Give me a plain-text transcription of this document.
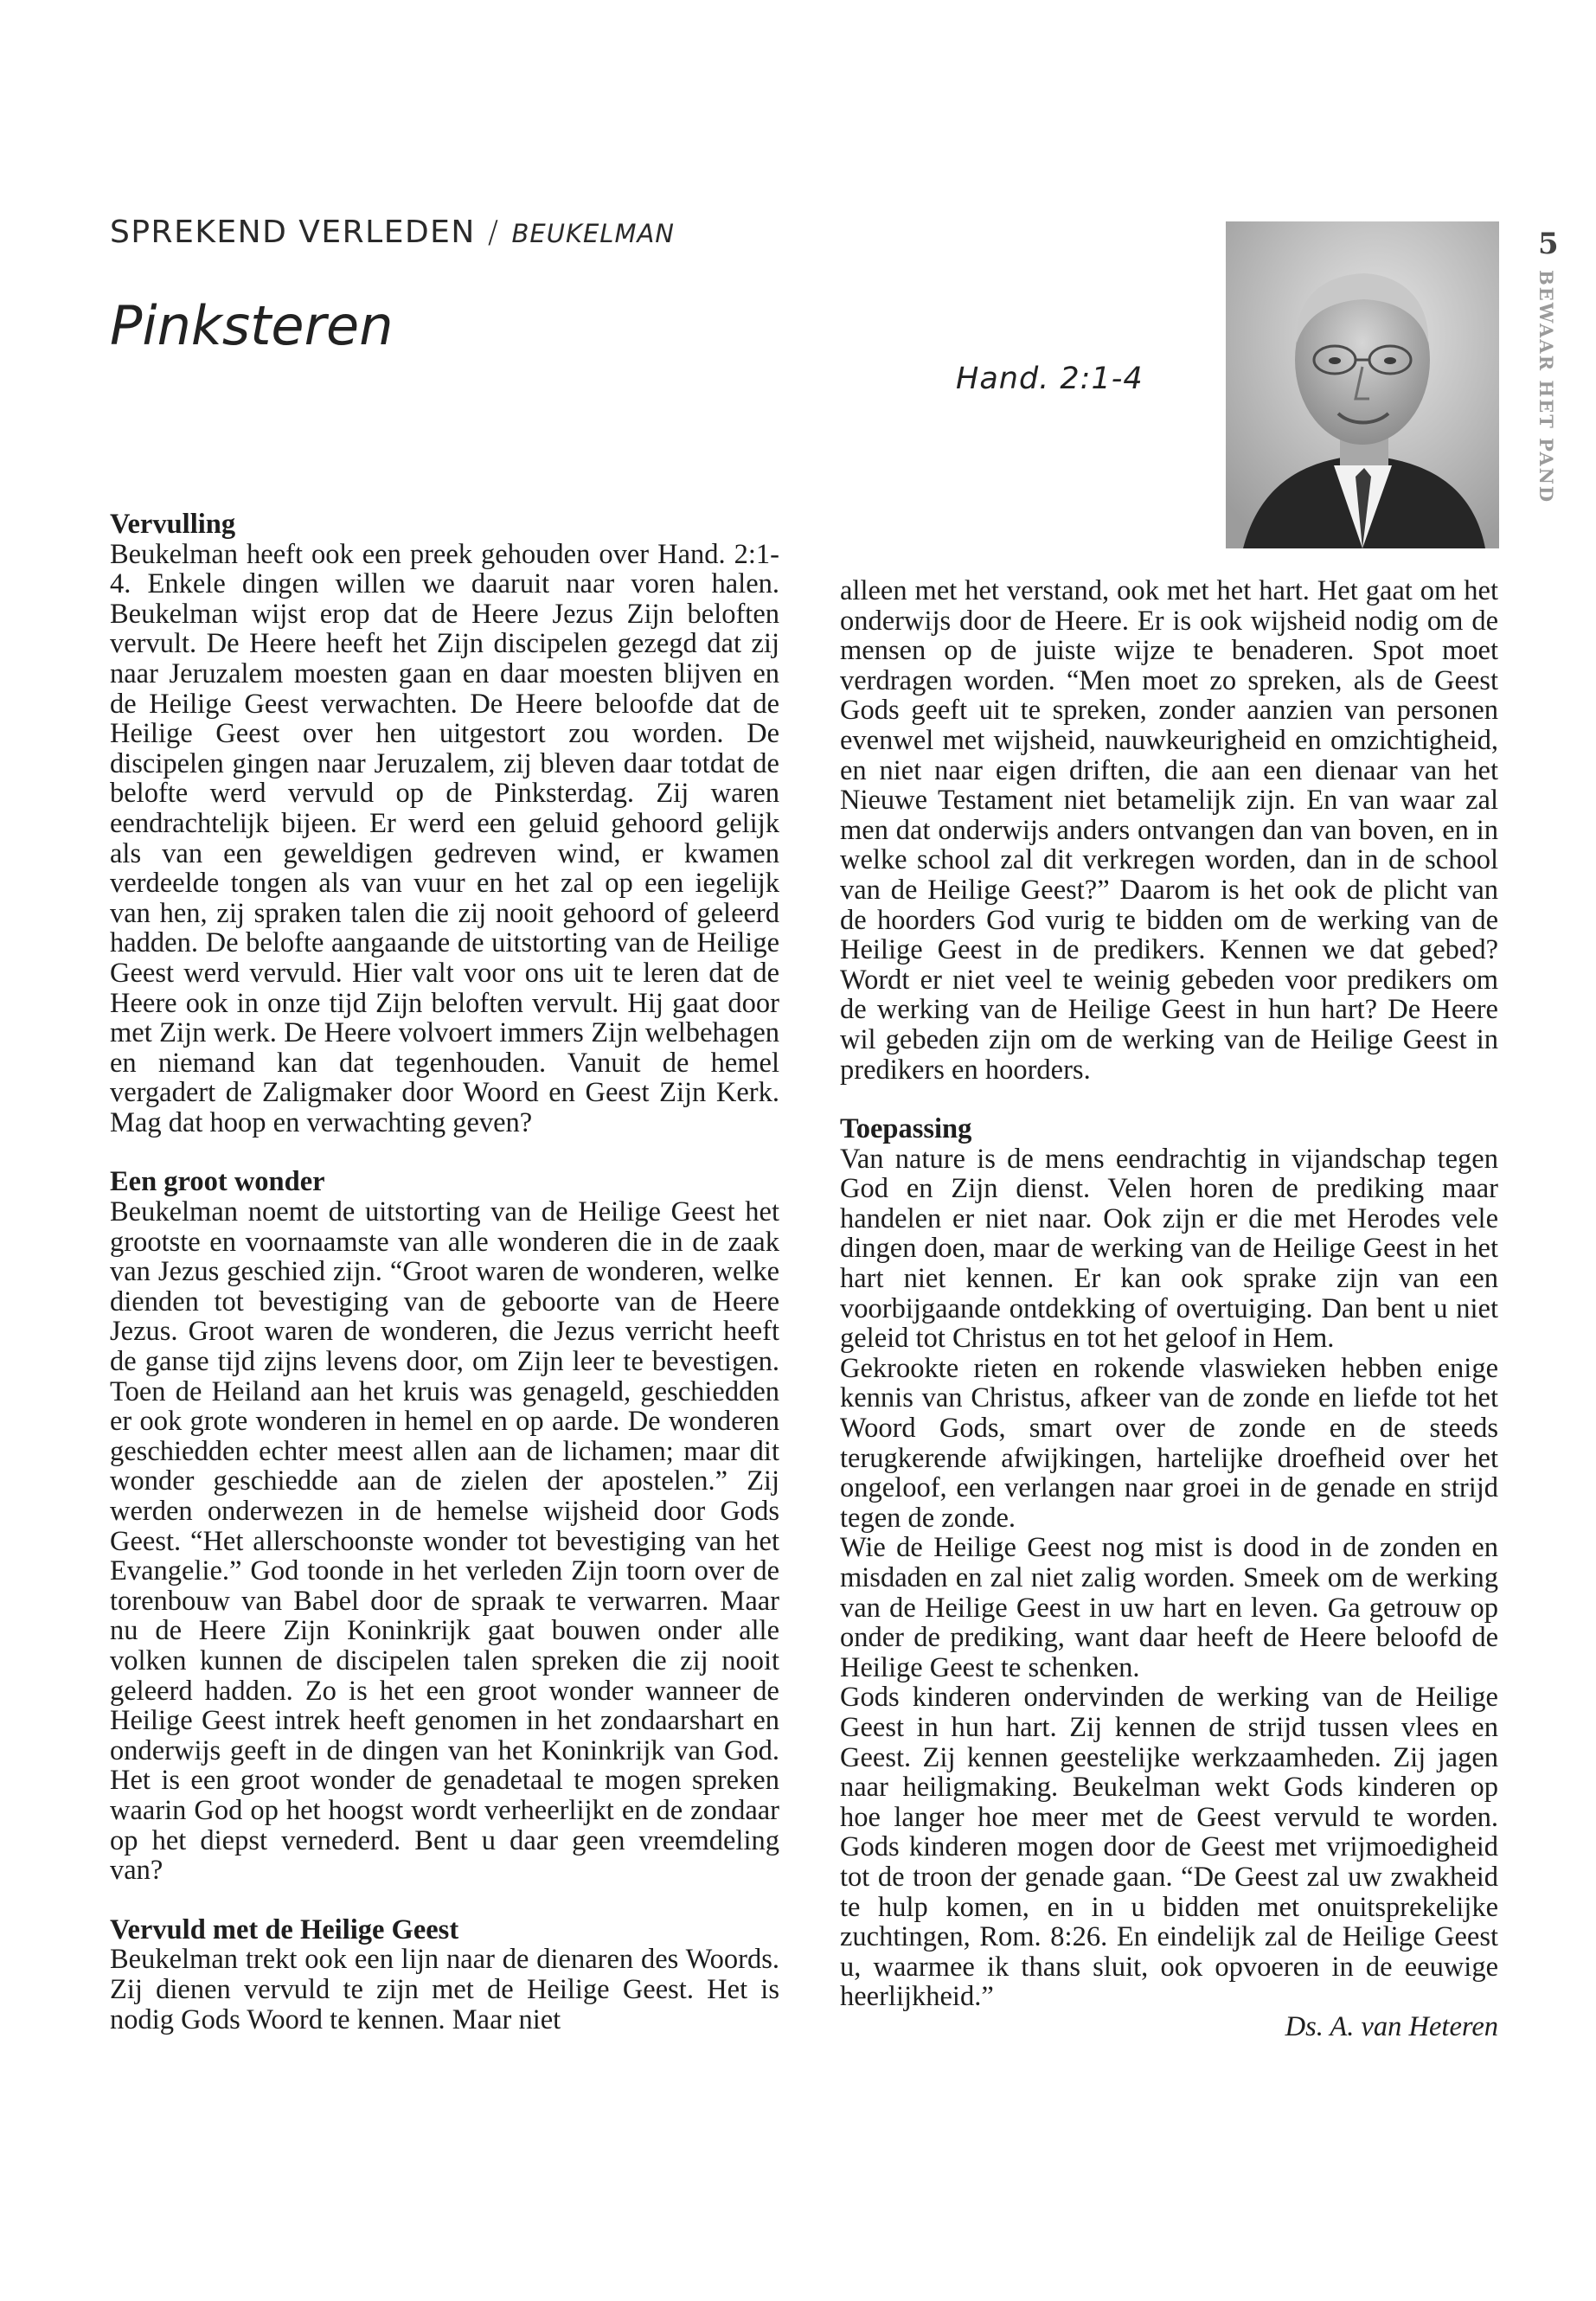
SPREKEND VERLEDEN / BEUKELMAN
Pinksteren
Hand. 2:1-4
5
BEWAAR HET PAND
Vervulling

Beukelman heeft ook een preek gehouden over Hand. 2:1-4. Enkele dingen willen we daaruit naar voren halen. Beukelman wijst erop dat de Heere Jezus Zijn beloften vervult. De Heere heeft het Zijn discipelen gezegd dat zij naar Jeruzalem moesten gaan en daar moesten blijven en de Heilige Geest verwachten. De Heere beloofde dat de Heilige Geest over hen uitgestort zou worden. De discipelen gingen naar Jeruzalem, zij bleven daar totdat de belofte werd vervuld op de Pinksterdag. Zij waren eendrachtelijk bijeen. Er werd een geluid gehoord gelijk als van een geweldigen gedreven wind, er kwamen verdeelde tongen als van vuur en het zal op een iegelijk van hen, zij spraken talen die zij nooit gehoord of geleerd hadden. De belofte aangaande de uitstorting van de Heilige Geest werd vervuld. Hier valt voor ons uit te leren dat de Heere ook in onze tijd Zijn beloften vervult. Hij gaat door met Zijn werk. De Heere volvoert immers Zijn welbehagen en niemand kan dat tegenhouden. Vanuit de hemel vergadert de Zaligmaker door Woord en Geest Zijn Kerk. Mag dat hoop en verwachting geven?

Een groot wonder

Beukelman noemt de uitstorting van de Heilige Geest het grootste en voornaamste van alle wonderen die in de zaak van Jezus geschied zijn. “Groot waren de wonderen, welke dienden tot bevestiging van de geboorte van de Heere Jezus. Groot waren de wonderen, die Jezus verricht heeft de ganse tijd zijns levens door, om Zijn leer te bevestigen. Toen de Heiland aan het kruis was genageld, geschiedden er ook grote wonderen in hemel en op aarde. De wonderen geschiedden echter meest allen aan de lichamen; maar dit wonder geschiedde aan de zielen der apostelen.” Zij werden onderwezen in de hemelse wijsheid door Gods Geest. “Het allerschoonste wonder tot bevestiging van het Evangelie.” God toonde in het verleden Zijn toorn over de torenbouw van Babel door de spraak te verwarren. Maar nu de Heere Zijn Koninkrijk gaat bouwen onder alle volken kunnen de discipelen talen spreken die zij nooit geleerd hadden. Zo is het een groot wonder wanneer de Heilige Geest intrek heeft genomen in het zondaarshart en onderwijs geeft in de dingen van het Koninkrijk van God. Het is een groot wonder de genadetaal te mogen spreken waarin God op het hoogst wordt verheerlijkt en de zondaar op het diepst vernederd. Bent u daar geen vreemdeling van?

Vervuld met de Heilige Geest

Beukelman trekt ook een lijn naar de dienaren des Woords. Zij dienen vervuld te zijn met de Heilige Geest. Het is nodig Gods Woord te kennen. Maar niet

alleen met het verstand, ook met het hart. Het gaat om het onderwijs door de Heere. Er is ook wijsheid nodig om de mensen op de juiste wijze te benaderen. Spot moet verdragen worden. “Men moet zo spreken, als de Geest Gods geeft uit te spreken, zonder aanzien van personen evenwel met wijsheid, nauwkeurigheid en omzichtigheid, en niet naar eigen driften, die aan een dienaar van het Nieuwe Testament niet betamelijk zijn. En van waar zal men dat onderwijs anders ontvangen dan van boven, en in welke school zal dit verkregen worden, dan in de school van de Heilige Geest?” Daarom is het ook de plicht van de hoorders God vurig te bidden om de werking van de Heilige Geest in de predikers. Kennen we dat gebed? Wordt er niet veel te weinig gebeden voor predikers om de werking van de Heilige Geest in hun hart? De Heere wil gebeden zijn om de werking van de Heilige Geest in predikers en hoorders.

Toepassing

Van nature is de mens eendrachtig in vijandschap tegen God en Zijn dienst. Velen horen de prediking maar handelen er niet naar. Ook zijn er die met Herodes vele dingen doen, maar de werking van de Heilige Geest in het hart niet kennen. Er kan ook sprake zijn van een voorbijgaande ontdekking of overtuiging. Dan bent u niet geleid tot Christus en tot het geloof in Hem.

Gekrookte rieten en rokende vlaswieken hebben enige kennis van Christus, afkeer van de zonde en liefde tot het Woord Gods, smart over de zonde en de steeds terugkerende afwijkingen, hartelijke droefheid over het ongeloof, een verlangen naar groei in de genade en strijd tegen de zonde.

Wie de Heilige Geest nog mist is dood in de zonden en misdaden en zal niet zalig worden. Smeek om de werking van de Heilige Geest in uw hart en leven. Ga getrouw op onder de prediking, want daar heeft de Heere beloofd de Heilige Geest te schenken.

Gods kinderen ondervinden de werking van de Heilige Geest in hun hart. Zij kennen de strijd tussen vlees en Geest. Zij kennen geestelijke werkzaamheden. Zij jagen naar heiligmaking. Beukelman wekt Gods kinderen op hoe langer hoe meer met de Geest vervuld te worden. Gods kinderen mogen door de Geest met vrijmoedigheid tot de troon der genade gaan. “De Geest zal uw zwakheid te hulp komen, en in u bidden met onuitsprekelijke zuchtingen, Rom. 8:26. En eindelijk zal de Heilige Geest u, waarmee ik thans sluit, ook opvoeren in de eeuwige heerlijkheid.”

Ds. A. van Heteren
